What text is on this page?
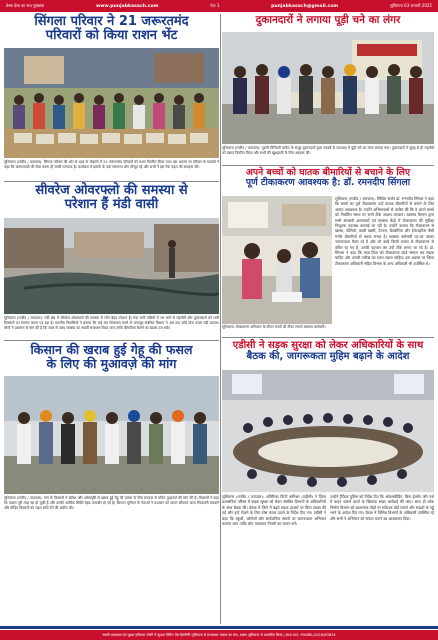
डेस्क देसा का सच मुख्यांक	www.punjabkasach.com	पेज 3	punjabkasach@gmail.com	लुधियाना 03 जनवरी 2025
सिंगला परिवार ने 21 जरूरतमंद
परिवारों को किया राशन भेंट
लुधियाना (राजीव / जयपाल): सिंगला परिवार की ओर से शहर के मोहल्ले में 21 जरूरतमंद परिवारों को राशन वितरित किया गया। इस अवसर पर परिवार के सदस्यों ने कहा कि जरूरतमंदों की सेवा करना ही सच्ची मानवता है। कार्यक्रम में इलाके के कई गणमान्य लोग मौजूद रहे और सभी ने इस नेक पहल की सराहना की।
सीवरेज ओवरफ्लो की समस्या से
परेशान हैं मंडी वासी
लुधियाना (राजीव / जयपाल): मंडी क्षेत्र में सीवरेज ओवरफ्लो की समस्या से लोग बेहद परेशान हैं। गंदा पानी गलियों में भर जाने से राहगीरों और दुकानदारों को भारी दिक्कतों का सामना करना पड़ रहा है। स्थानीय निवासियों ने बताया कि कई बार शिकायत करने के बावजूद संबंधित विभाग ने अब तक कोई ठोस कदम नहीं उठाया। लोगों ने प्रशासन से मांग की है कि जल्द से जल्द समस्या का स्थायी समाधान किया जाए ताकि बीमारियां फैलने का खतरा टल सके।
किसान की खराब हुई गेहू की फसल
के लिए की मुआवज़े की मांग
लुधियाना (राजीव / जयपाल): गांव के किसानों ने बारिश और ओलावृष्टि से खराब हुई गेहूं की फसल के लिए सरकार से उचित मुआवजे की मांग की है। किसानों ने कहा कि फसल पूरी तरह नष्ट हो चुकी है और उनकी आर्थिक स्थिति बेहद कमजोर हो गई है। किसान यूनियन के नेताओं ने प्रशासन को ज्ञापन सौंपकर जल्द गिरदावरी करवाने और पीड़ित किसानों को राहत राशि देने की अपील की।
दुकानदारों ने लगाया पूड़ी चने का लंगर
लुधियाना (राजीव / जयपाल): पूरानी मिलिटरी मार्केट के समूह दुकानदारों द्वारा नववर्ष के उपलक्ष्य में पूड़ी चने का लंगर लगाया गया। दुकानदारों ने सुबह से ही राहगीरों को प्रसाद वितरित किया और सभी की खुशहाली के लिए अरदास की।
अपने बच्चों को घातक बीमारियों से बचाने के लिए
पूर्ण टीकाकरण आवश्यक है: डॉ. रमनदीप सिंगला
लुधियाना (राजीव / जयपाल): सिविल सर्जन डॉ. रमनदीप सिंगला ने कहा कि बच्चों का पूर्ण टीकाकरण उन्हें घातक बीमारियों से बचाने के लिए अत्यंत आवश्यक है। उन्होंने अभिभावकों से अपील की कि वे अपने बच्चों को निर्धारित समय पर सभी टीके अवश्य लगवाएं। स्वास्थ्य विभाग द्वारा सभी सरकारी अस्पतालों एवं स्वास्थ्य केंद्रों में टीकाकरण की सुविधा निःशुल्क उपलब्ध करवाई जा रही है। उन्होंने बताया कि टीकाकरण से खसरा, पोलियो, काली खांसी, टेटनस, डिप्थीरिया और हेपेटाइटिस जैसी गंभीर बीमारियों से बचाव संभव है। स्वास्थ्य कर्मचारी घर-घर जाकर जागरूकता फैला रहे हैं और जो बच्चे किसी कारण से टीकाकरण से वंचित रह गए हैं, उनकी पहचान कर उन्हें टीके लगाए जा रहे हैं। डॉ. सिंगला ने कहा कि माता-पिता को टीकाकरण कार्ड संभाल कर रखना चाहिए और अगली तारीख का ध्यान रखना चाहिए। इस अवसर पर जिला टीकाकरण अधिकारी सहित विभाग के अन्य अधिकारी भी उपस्थित थे।
लुधियाना: टीकाकरण अभियान के दौरान बच्चों को टीका लगाते स्वास्थ्य कर्मचारी।
एडीसी ने सड़क सुरक्षा को लेकर अधिकारियों के साथ
बैठक की, जागरूकता मुहिम बढ़ाने के आदेश
लुधियाना (राजीव / जयपाल): अतिरिक्त डिप्टी कमिश्नर (एडीसी) ने जिला प्रशासनिक परिसर में सड़क सुरक्षा को लेकर संबंधित विभागों के अधिकारियों के साथ बैठक की। बैठक में जिले में बढ़ते सड़क हादसों पर चिंता व्यक्त की गई और इन्हें रोकने के लिए ठोस कदम उठाने के निर्देश दिए गए। एडीसी ने कहा कि स्कूलों, कॉलेजों और सार्वजनिक स्थानों पर जागरूकता अभियान चलाया जाए ताकि लोग यातायात नियमों का पालन करें।
उन्होंने ट्रैफिक पुलिस को निर्देश दिए कि ओवरस्पीडिंग, बिना हेलमेट और नशे में वाहन चलाने वालों के खिलाफ सख्त कार्रवाई की जाए। साथ ही लोक निर्माण विभाग को खतरनाक मोड़ों पर संकेतक बोर्ड लगाने और सड़कों के गड्ढे भरने के आदेश दिए गए। बैठक में विभिन्न विभागों के अधिकारी उपस्थित रहे और सभी ने अभियान को सफल बनाने का आश्वासन दिया।
स्वामी प्रकाशक एवं मुद्रक हरीलाल जोशी ने सुप्रभा प्रिंटिंग प्रेस हिमगिरि लुधियाना से छपवाकर पंजाब का सच, दफ्तर लुधियाना से प्रकाशित किया | RNI NO. PUNBIL/2016/63634
